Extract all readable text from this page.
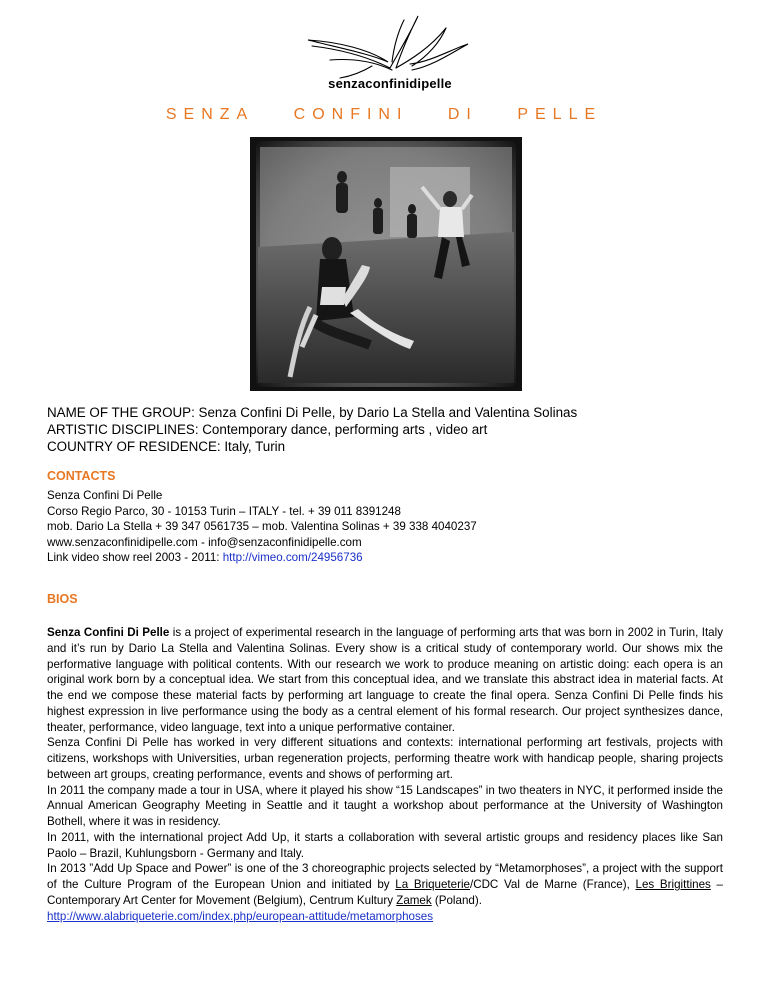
senzaconfinidipelle
SENZA CONFINI DI PELLE
NAME OF THE GROUP: Senza Confini Di Pelle, by Dario La Stella and Valentina Solinas
ARTISTIC DISCIPLINES: Contemporary dance, performing arts , video art
COUNTRY OF RESIDENCE: Italy, Turin
CONTACTS
Senza Confini Di Pelle
Corso Regio Parco, 30 - 10153 Turin – ITALY - tel. + 39 011 8391248
mob. Dario La Stella + 39 347 0561735 – mob. Valentina Solinas + 39 338 4040237
www.senzaconfinidipelle.com - info@senzaconfinidipelle.com
Link video show reel 2003 - 2011: http://vimeo.com/24956736
BIOS

Senza Confini Di Pelle is a project of experimental research in the language of performing arts that was born in 2002 in Turin, Italy and it’s run by Dario La Stella and Valentina Solinas. Every show is a critical study of contemporary world. Our shows mix the performative language with political contents. With our research we work to produce meaning on artistic doing: each opera is an original work born by a conceptual idea. We start from this conceptual idea, and we translate this abstract idea in material facts. At the end we compose these material facts by performing art language to create the final opera. Senza Confini Di Pelle finds his highest expression in live performance using the body as a central element of his formal research. Our project synthesizes dance, theater, performance, video language, text into a unique performative container.

Senza Confini Di Pelle has worked in very different situations and contexts: international performing art festivals, projects with citizens, workshops with Universities, urban regeneration projects, performing theatre work with handicap people, sharing projects between art groups, creating performance, events and shows of performing art.

In 2011 the company made a tour in USA, where it played his show “15 Landscapes” in two theaters in NYC, it performed inside the Annual American Geography Meeting in Seattle and it taught a workshop about performance at the University of Washington Bothell, where it was in residency.

In 2011, with the international project Add Up, it starts a collaboration with several artistic groups and residency places like San Paolo – Brazil, Kuhlungsborn - Germany and Italy.

In 2013 ”Add Up Space and Power” is one of the 3 choreographic projects selected by “Metamorphoses”, a project with the support of the Culture Program of the European Union and initiated by La Briqueterie/CDC Val de Marne (France), Les Brigittines – Contemporary Art Center for Movement (Belgium), Centrum Kultury Zamek (Poland).

http://www.alabriqueterie.com/index.php/european-attitude/metamorphoses
